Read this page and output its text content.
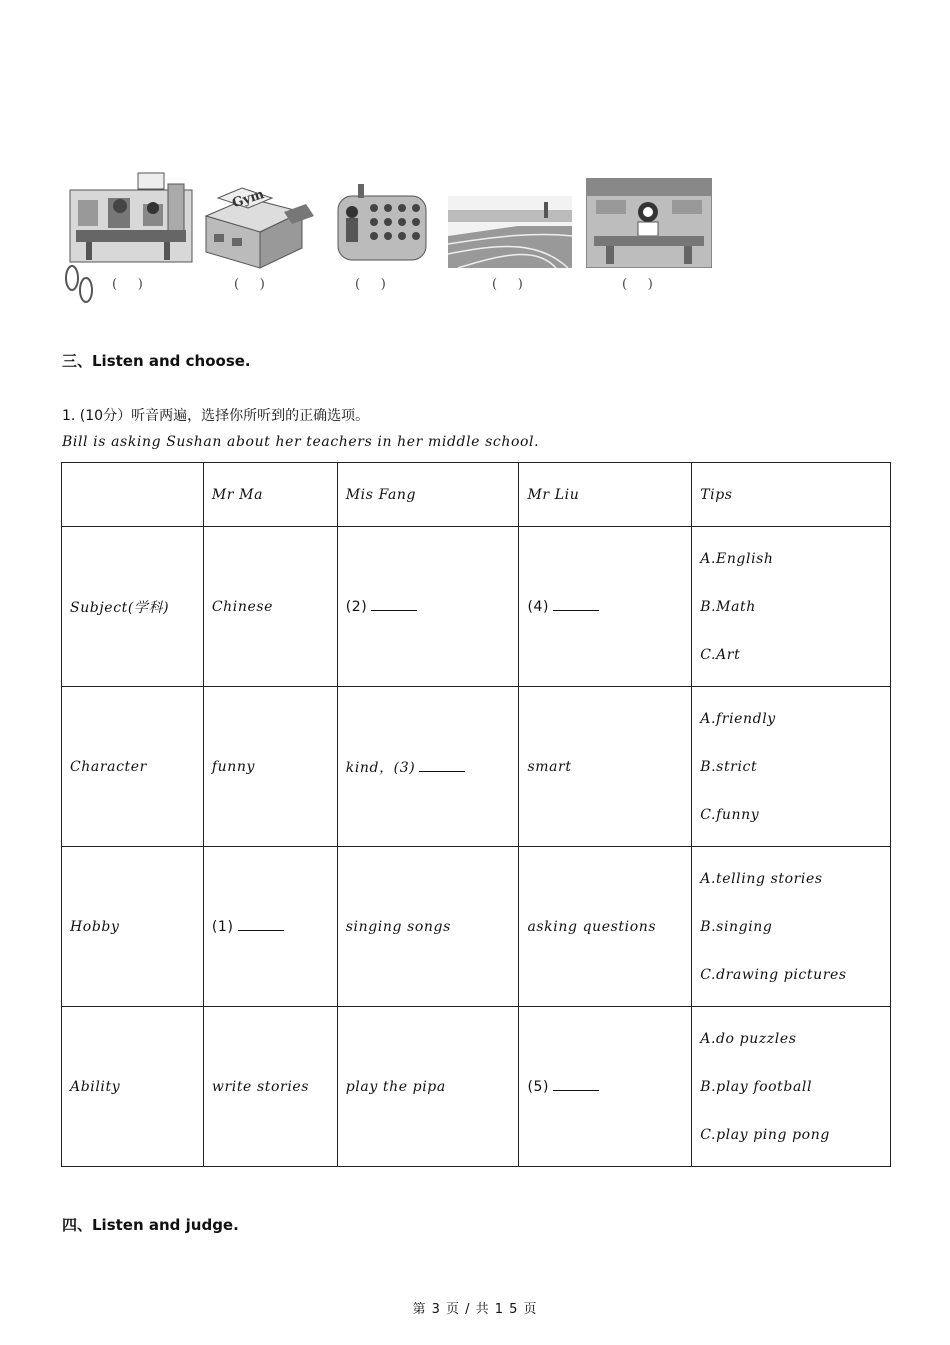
Gym
(     )	(     )	(     )	(     )	(     )
三、Listen and choose.
1. (10分）听音两遍，选择你所听到的正确选项。
Bill is asking Sushan about her teachers in her middle school.
	Mr Ma	Mis Fang	Mr Liu	Tips
Subject(学科)	Chinese	(2)	(4)	A.English
B.Math
C.Art

Character	funny	kind，(3)	smart	A.friendly
B.strict
C.funny

Hobby	(1)	singing songs	asking questions	A.telling stories
B.singing
C.drawing pictures

Ability	write stories	play the pipa	(5)	A.do puzzles
B.play football
C.play ping pong
四、Listen and judge.
第 3 页 / 共 1 5 页
